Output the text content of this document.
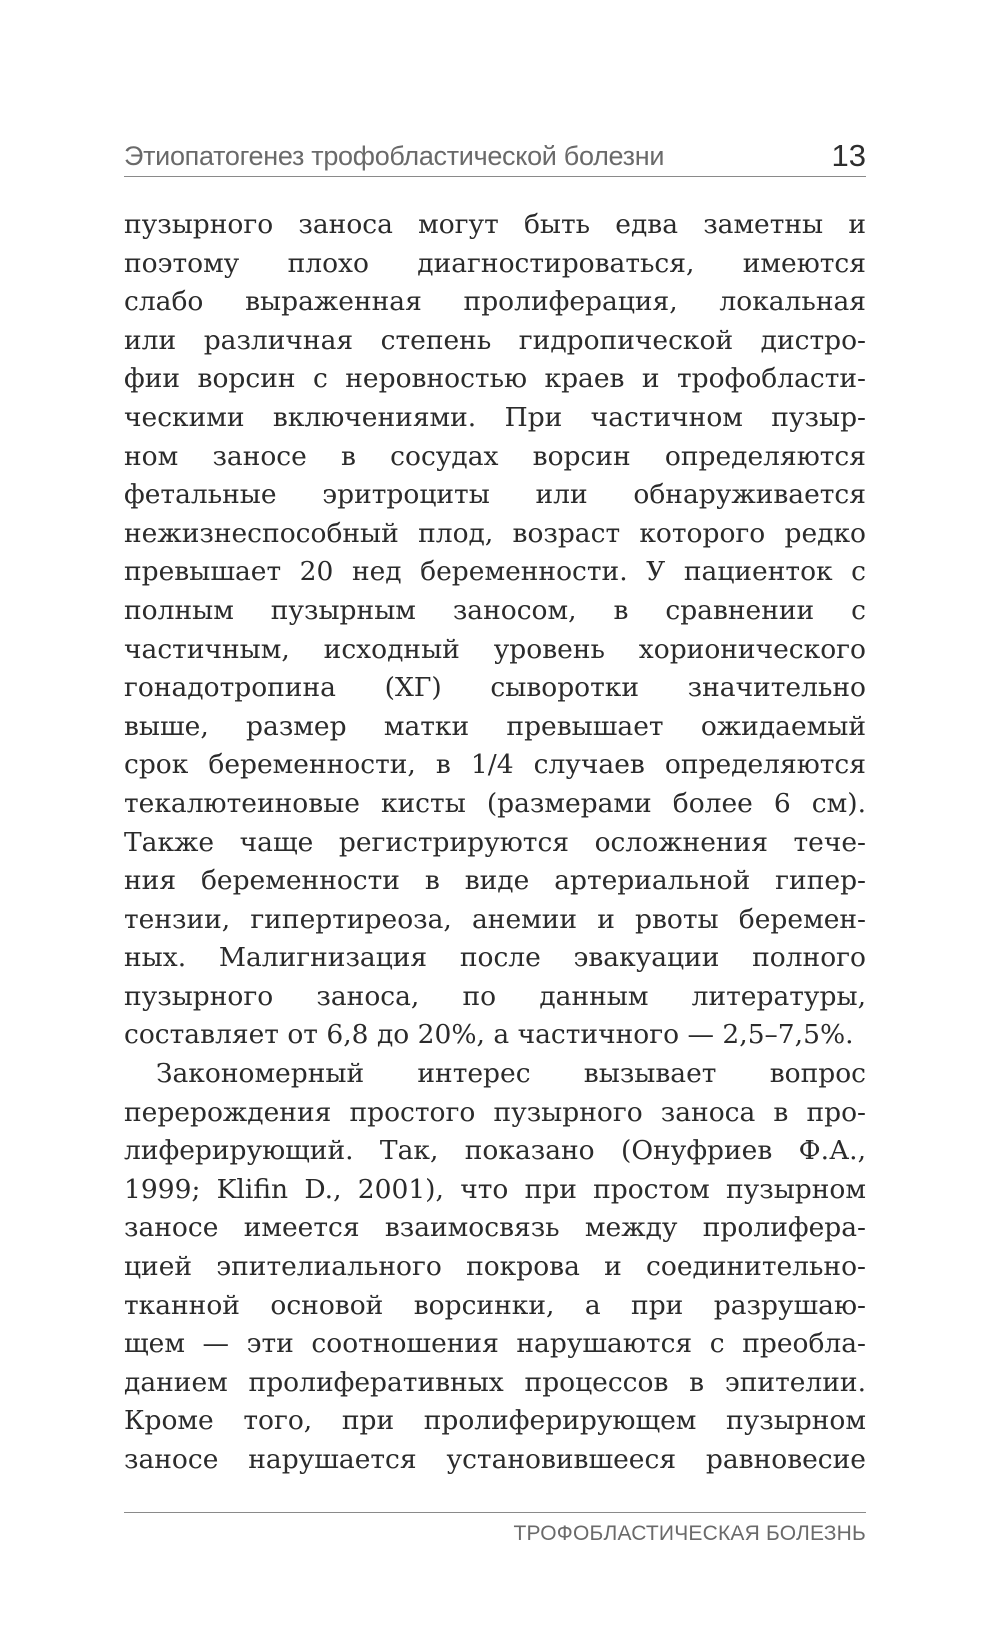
Этиопатогенез трофобластической болезни	13
пузырного заноса могут быть едва заметны и
поэтому плохо диагностироваться, имеются
слабо выраженная пролиферация, локальная
или различная степень гидропической дистро-
фии ворсин с неровностью краев и трофобласти-
ческими включениями. При частичном пузыр-
ном заносе в сосудах ворсин определяются
фетальные эритроциты или обнаруживается
нежизнеспособный плод, возраст которого редко
превышает 20 нед беременности. У пациенток с
полным пузырным заносом, в сравнении с
частичным, исходный уровень хорионического
гонадотропина (ХГ) сыворотки значительно
выше, размер матки превышает ожидаемый
срок беременности, в 1/4 случаев определяются
текалютеиновые кисты (размерами более 6 см).
Также чаще регистрируются осложнения тече-
ния беременности в виде артериальной гипер-
тензии, гипертиреоза, анемии и рвоты беремен-
ных. Малигнизация после эвакуации полного
пузырного заноса, по данным литературы,
составляет от 6,8 до 20%, а частичного — 2,5–7,5%.
Закономерный интерес вызывает вопрос
перерождения простого пузырного заноса в про-
лиферирующий. Так, показано (Онуфриев Ф.А.,
1999; Klifin D., 2001), что при простом пузырном
заносе имеется взаимосвязь между пролифера-
цией эпителиального покрова и соединительно-
тканной основой ворсинки, а при разрушаю-
щем — эти соотношения нарушаются с преобла-
данием пролиферативных процессов в эпителии.
Кроме того, при пролиферирующем пузырном
заносе нарушается установившееся равновесие
ТРОФОБЛАСТИЧЕСКАЯ БОЛЕЗНЬ
